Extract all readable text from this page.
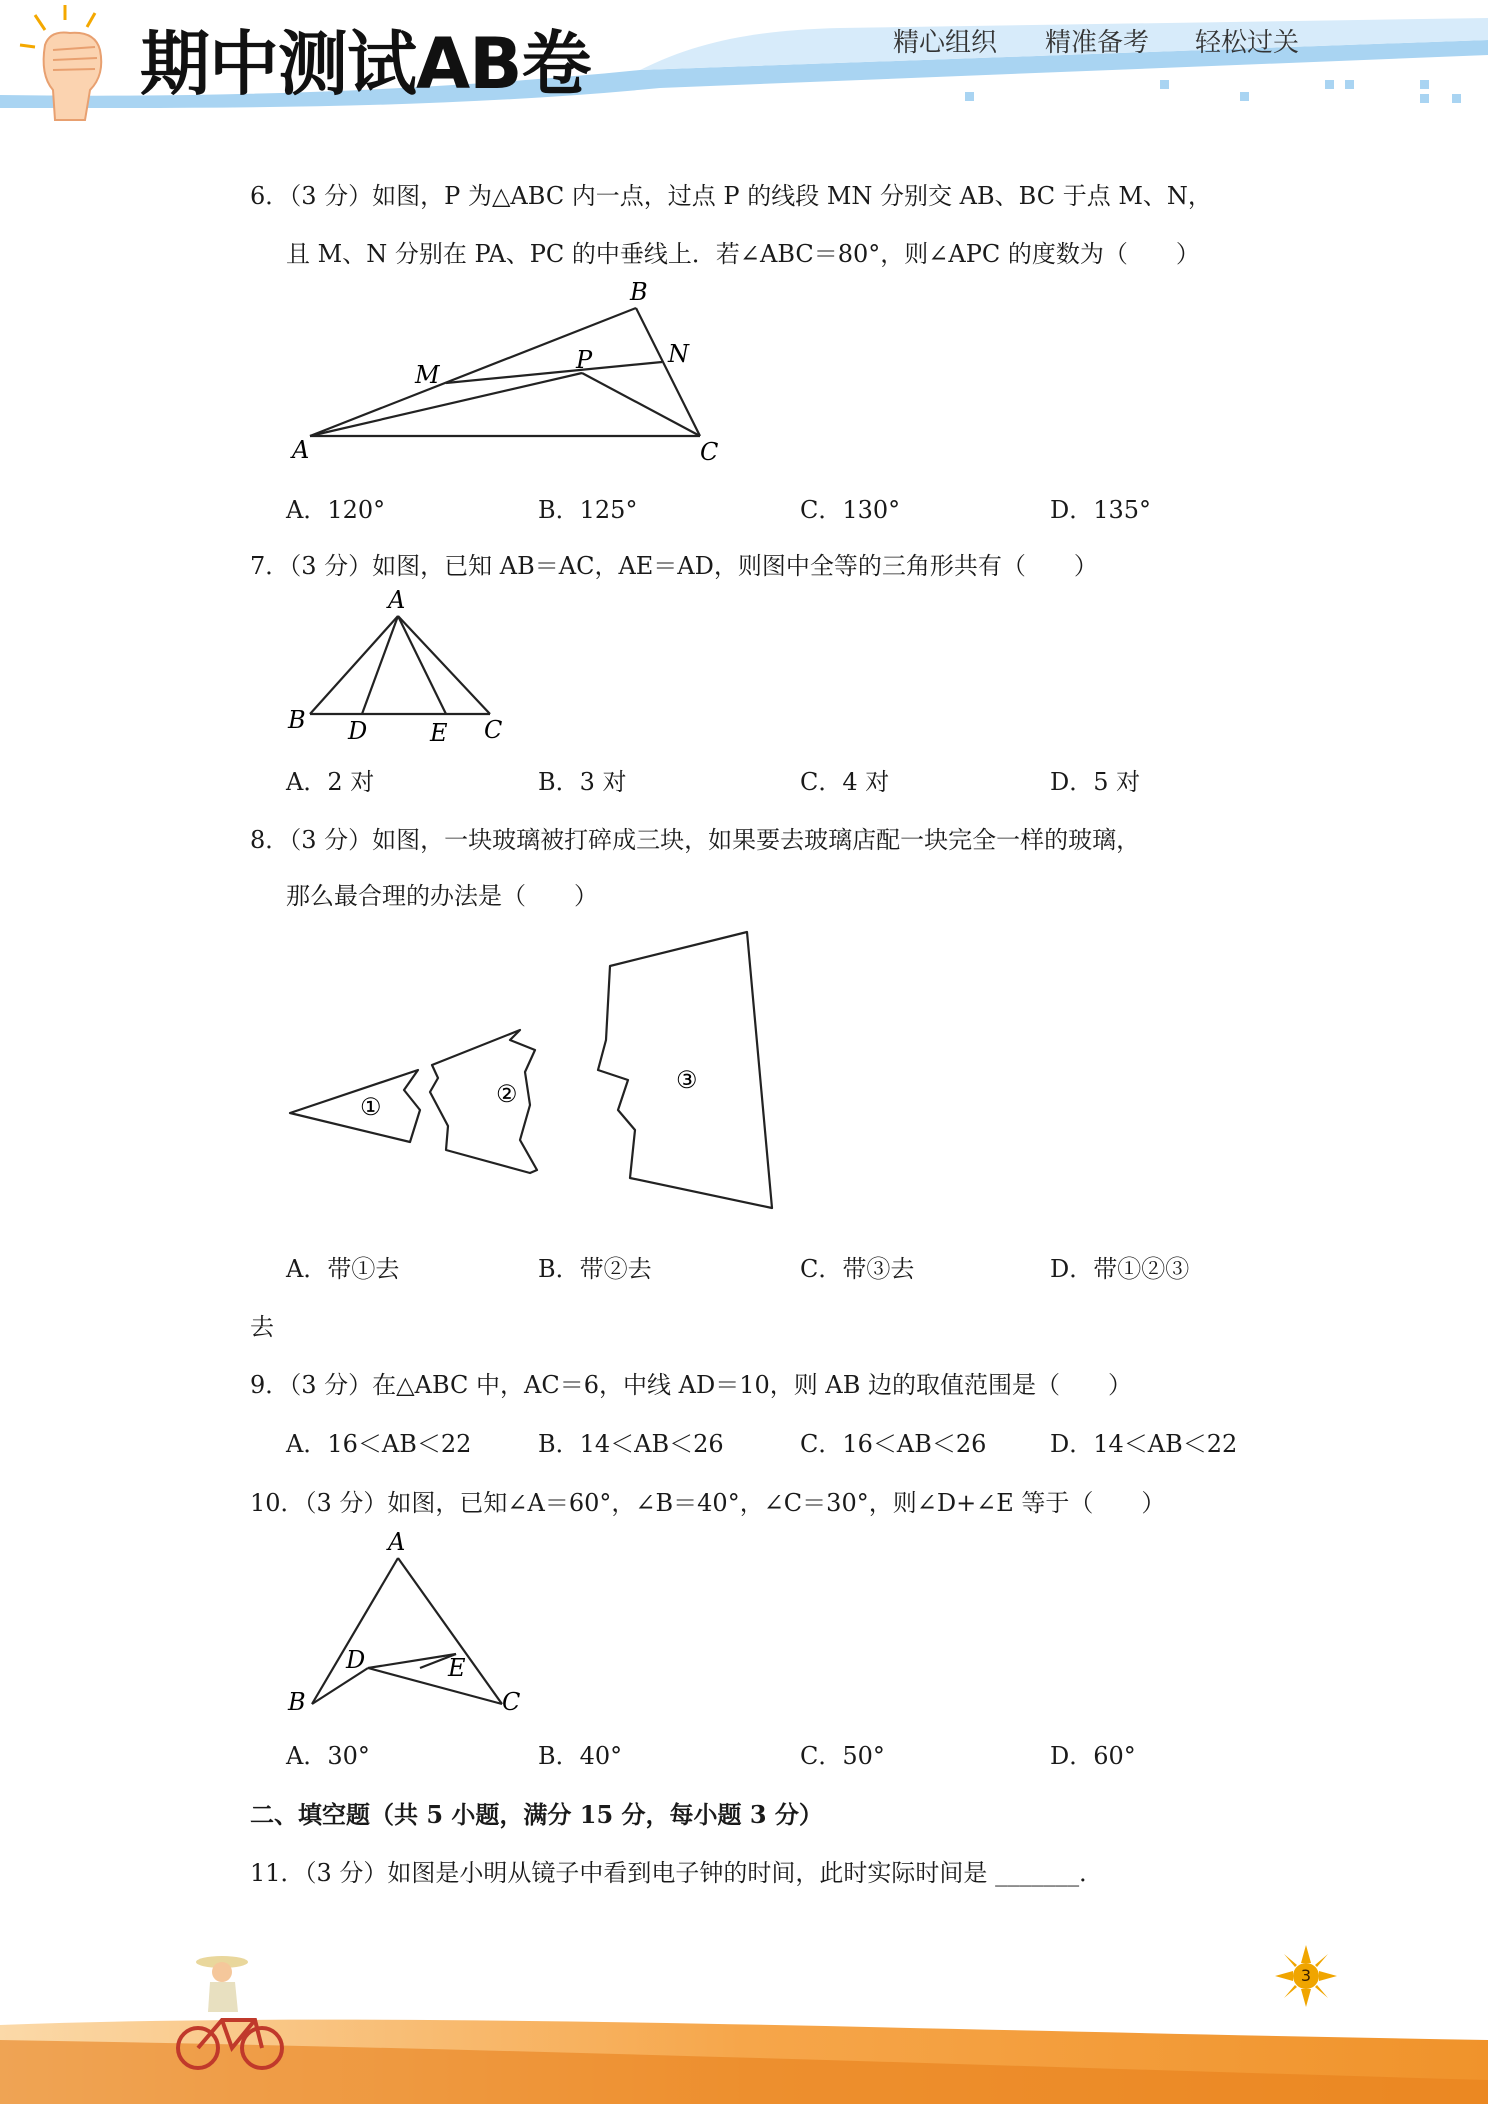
期中测试AB卷	精心组织 精准备考 轻松过关
6．（3 分）如图，P 为△ABC 内一点，过点 P 的线段 MN 分别交 AB、BC 于点 M、N，
且 M、N 分别在 PA、PC 的中垂线上．若∠ABC＝80°，则∠APC 的度数为（　　）
B
M
P	N
A	C
A．120°	B．125°	C．130°	D．135°
7．（3 分）如图，已知 AB＝AC，AE＝AD，则图中全等的三角形共有（　　）
A
B D	E C
A．2 对	B．3 对	C．4 对	D．5 对
8．（3 分）如图，一块玻璃被打碎成三块，如果要去玻璃店配一块完全一样的玻璃，
那么最合理的办法是（　　）
①	②	③
A．带①去	B．带②去	C．带③去	D．带①②③
去
9．（3 分）在△ABC 中，AC＝6，中线 AD＝10，则 AB 边的取值范围是（　　）
A．16＜AB＜22	B．14＜AB＜26	C．16＜AB＜26	D．14＜AB＜22
10．（3 分）如图，已知∠A＝60°，∠B＝40°，∠C＝30°，则∠D+∠E 等于（　　）
A
D	E
B	C
A．30°	B．40°	C．50°	D．60°
二、填空题（共 5 小题，满分 15 分，每小题 3 分）
11．（3 分）如图是小明从镜子中看到电子钟的时间，此时实际时间是 _______．
3
